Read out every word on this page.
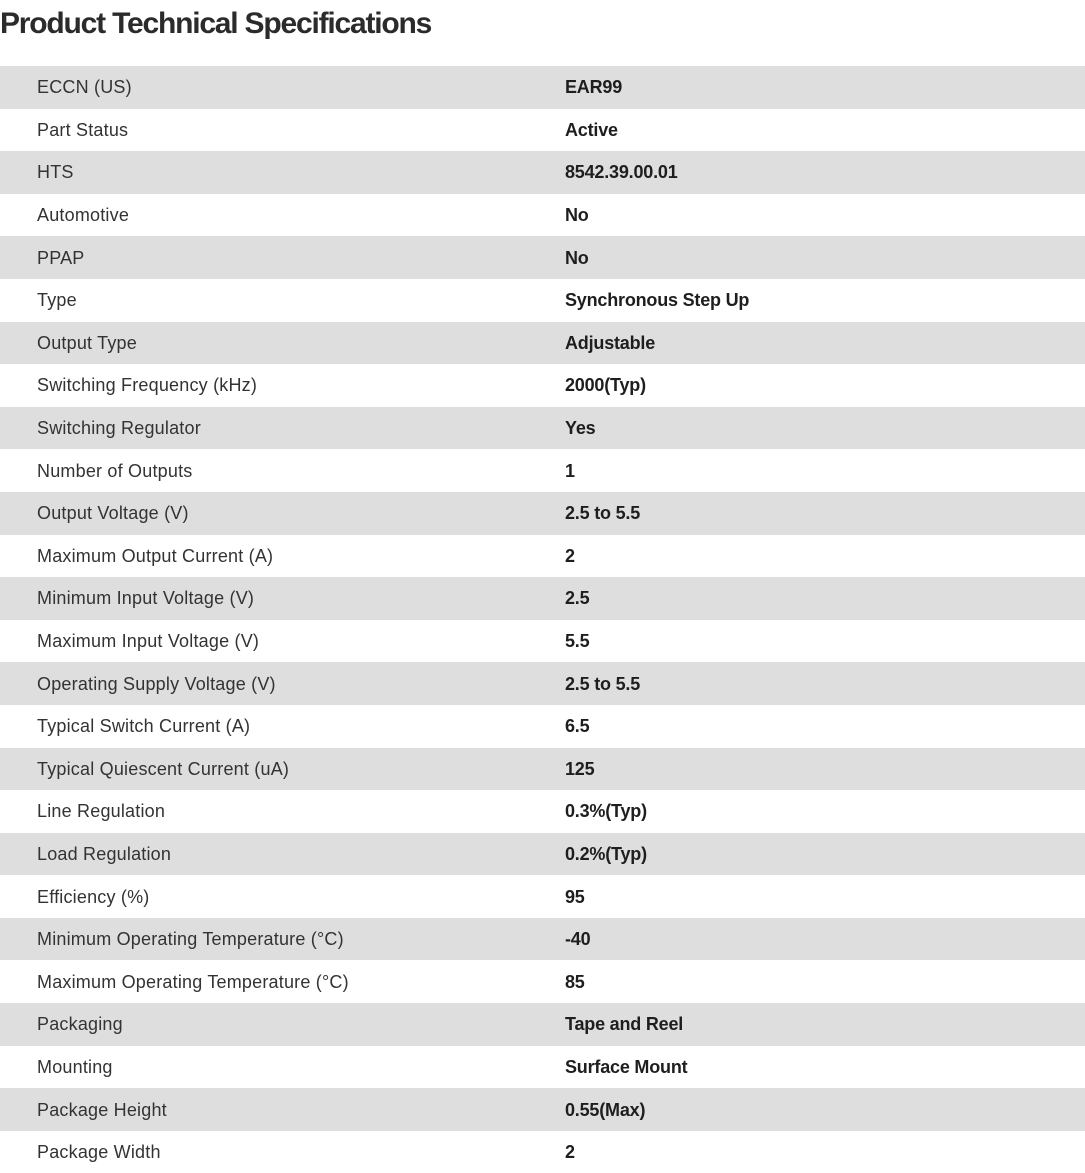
Product Technical Specifications
ECCN (US)	EAR99
Part Status	Active
HTS	8542.39.00.01
Automotive	No
PPAP	No
Type	Synchronous Step Up
Output Type	Adjustable
Switching Frequency (kHz)	2000(Typ)
Switching Regulator	Yes
Number of Outputs	1
Output Voltage (V)	2.5 to 5.5
Maximum Output Current (A)	2
Minimum Input Voltage (V)	2.5
Maximum Input Voltage (V)	5.5
Operating Supply Voltage (V)	2.5 to 5.5
Typical Switch Current (A)	6.5
Typical Quiescent Current (uA)	125
Line Regulation	0.3%(Typ)
Load Regulation	0.2%(Typ)
Efficiency (%)	95
Minimum Operating Temperature (°C)	-40
Maximum Operating Temperature (°C)	85
Packaging	Tape and Reel
Mounting	Surface Mount
Package Height	0.55(Max)
Package Width	2
